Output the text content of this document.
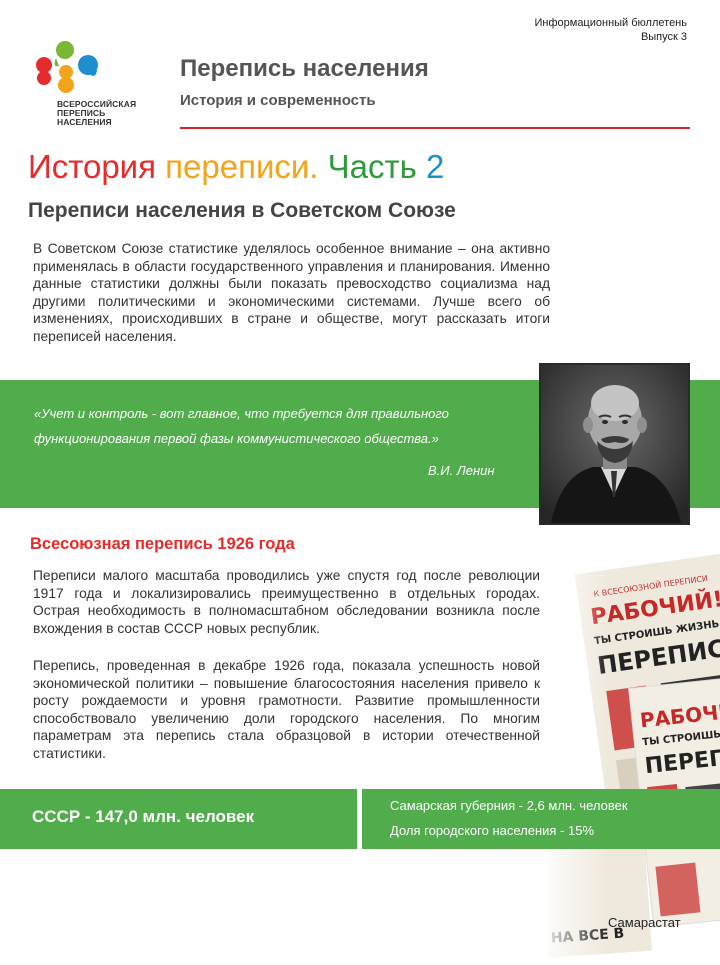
Информационный бюллетень
Выпуск 3
ВСЕРОССИЙСКАЯ
ПЕРЕПИСЬ
НАСЕЛЕНИЯ
Перепись населения
История и современность
История переписи. Часть 2
Переписи населения в Советском Союзе
В Советском Союзе статистике уделялось особенное внимание – она активно применялась в области государственного управления и планирования. Именно данные статистики должны были показать превосходство социализма над другими политическими и экономическими системами. Лучше всего об изменениях, происходивших в стране и обществе, могут рассказать итоги переписей населения.
«Учет и контроль - вот главное, что требуется для правильного функционирования первой фазы коммунистического общества.»
В.И. Ленин
Всесоюзная перепись 1926 года
Переписи малого масштаба проводились уже спустя год после революции 1917 года и локализировались преимущественно в отдельных городах. Острая необходимость в полномасштабном обследовании возникла после вхождения в состав СССР новых республик.
Перепись, проведенная в декабре 1926 года, показала успешность новой экономической политики – повышение благосостояния населения привело к росту рождаемости и уровня грамотности. Развитие промышленности способствовало увеличению доли городского населения. По многим параметрам эта перепись стала образцовой в истории отечественной статистики.
СССР - 147,0 млн. человек
Самарская губерния - 2,6 млн. человек
Доля городского населения - 15%
Самарастат
